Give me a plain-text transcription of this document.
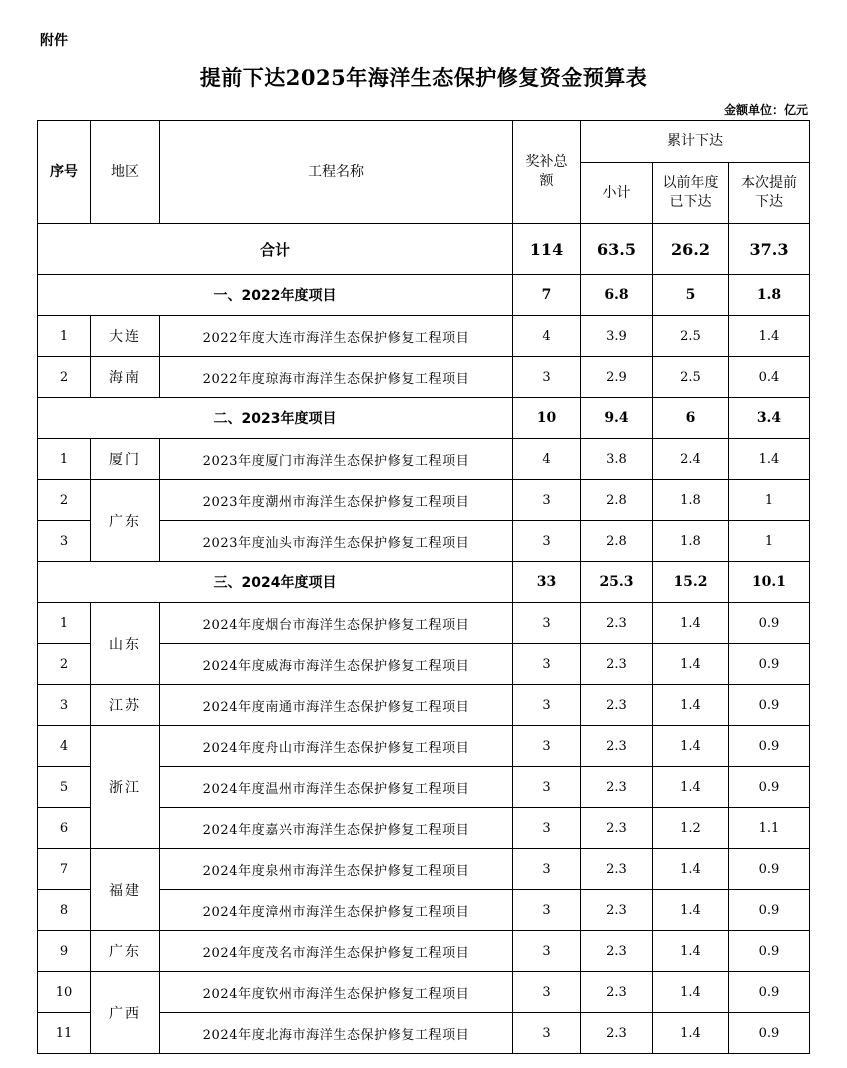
附件
提前下达2025年海洋生态保护修复资金预算表
金额单位：亿元
序号	地区	工程名称	奖补总额	累计下达		
				小计	以前年度已下达	本次提前下达
合计			114	63.5	26.2	37.3
一、2022年度项目			7	6.8	5	1.8
1	大连	2022年度大连市海洋生态保护修复工程项目	4	3.9	2.5	1.4
2	海南	2022年度琼海市海洋生态保护修复工程项目	3	2.9	2.5	0.4
二、2023年度项目			10	9.4	6	3.4
1	厦门	2023年度厦门市海洋生态保护修复工程项目	4	3.8	2.4	1.4
2	广东	2023年度潮州市海洋生态保护修复工程项目	3	2.8	1.8	1
3		2023年度汕头市海洋生态保护修复工程项目	3	2.8	1.8	1
三、2024年度项目			33	25.3	15.2	10.1
1	山东	2024年度烟台市海洋生态保护修复工程项目	3	2.3	1.4	0.9
2		2024年度威海市海洋生态保护修复工程项目	3	2.3	1.4	0.9
3	江苏	2024年度南通市海洋生态保护修复工程项目	3	2.3	1.4	0.9
4	浙江	2024年度舟山市海洋生态保护修复工程项目	3	2.3	1.4	0.9
5		2024年度温州市海洋生态保护修复工程项目	3	2.3	1.4	0.9
6		2024年度嘉兴市海洋生态保护修复工程项目	3	2.3	1.2	1.1
7	福建	2024年度泉州市海洋生态保护修复工程项目	3	2.3	1.4	0.9
8		2024年度漳州市海洋生态保护修复工程项目	3	2.3	1.4	0.9
9	广东	2024年度茂名市海洋生态保护修复工程项目	3	2.3	1.4	0.9
10	广西	2024年度钦州市海洋生态保护修复工程项目	3	2.3	1.4	0.9
11		2024年度北海市海洋生态保护修复工程项目	3	2.3	1.4	0.9
